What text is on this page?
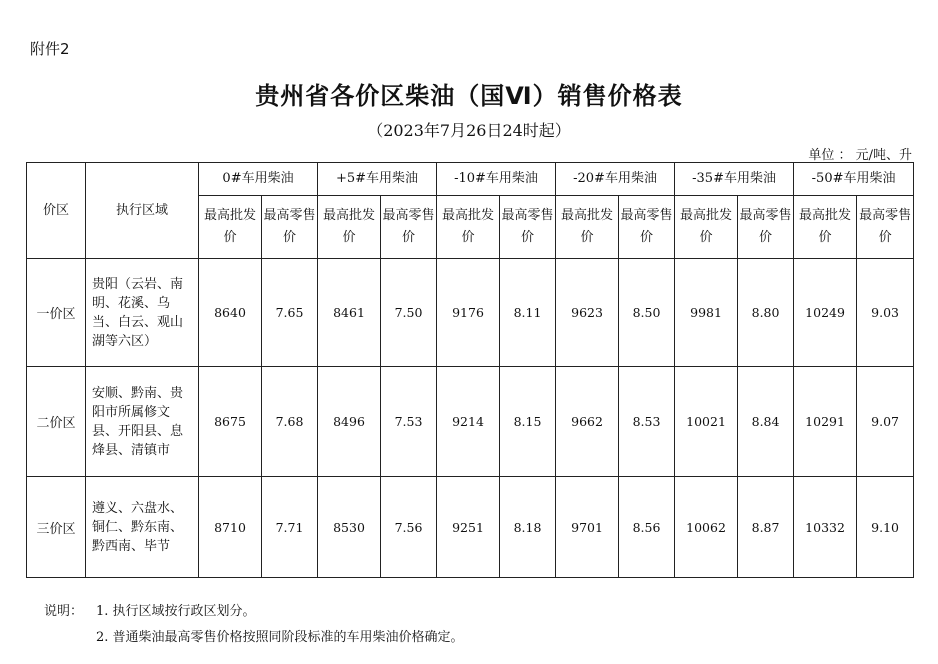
附件2
贵州省各价区柴油（国Ⅵ）销售价格表
（2023年7月26日24时起）
单位 ： 元/吨、升
价区	执行区域	0#车用柴油		+5#车用柴油		-10#车用柴油		-20#车用柴油		-35#车用柴油		-50#车用柴油	
		最高批发价	最高零售价	最高批发价	最高零售价	最高批发价	最高零售价	最高批发价	最高零售价	最高批发价	最高零售价	最高批发价	最高零售价
一价区	贵阳（云岩、南明、花溪、乌当、白云、观山湖等六区）	8640	7.65	8461	7.50	9176	8.11	9623	8.50	9981	8.80	10249	9.03
二价区	安顺、黔南、贵阳市所属修文县、开阳县、息烽县、清镇市	8675	7.68	8496	7.53	9214	8.15	9662	8.53	10021	8.84	10291	9.07
三价区	遵义、六盘水、铜仁、黔东南、黔西南、毕节	8710	7.71	8530	7.56	9251	8.18	9701	8.56	10062	8.87	10332	9.10
说明： 1. 执行区域按行政区划分。
2. 普通柴油最高零售价格按照同阶段标准的车用柴油价格确定。
